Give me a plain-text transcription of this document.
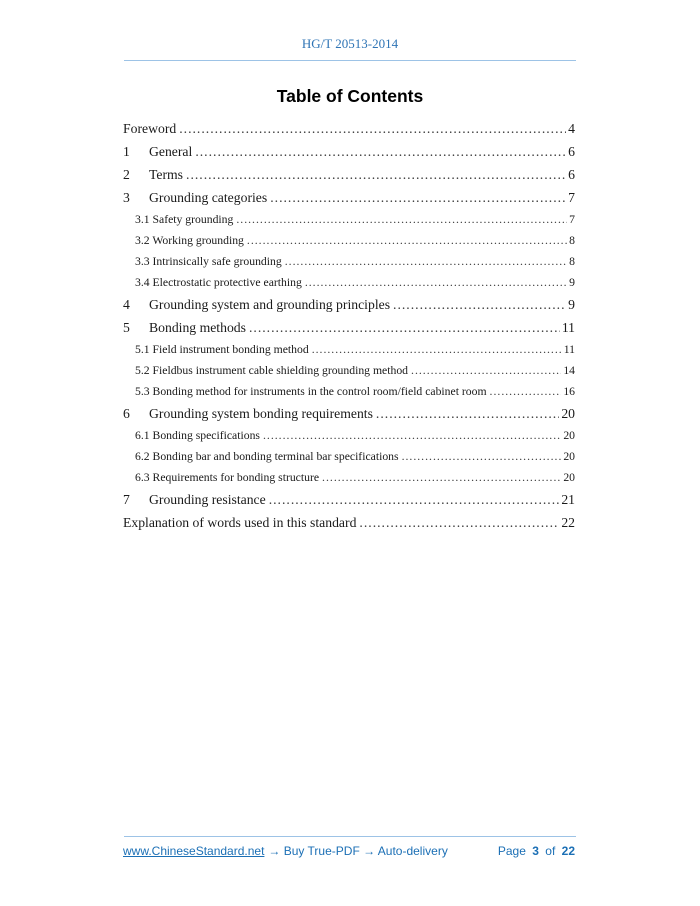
HG/T 20513-2014
Table of Contents
Foreword .....	4
1	General .....	6
2	Terms .....	6
3	Grounding categories .....	7
3.1 Safety grounding .....	7
3.2 Working grounding .....	8
3.3 Intrinsically safe grounding .....	8
3.4 Electrostatic protective earthing .....	9
4	Grounding system and grounding principles .....	9
5	Bonding methods .....	11
5.1 Field instrument bonding method .....	11
5.2 Fieldbus instrument cable shielding grounding method .....	14
5.3 Bonding method for instruments in the control room/field cabinet room .....	16
6	Grounding system bonding requirements .....	20
6.1 Bonding specifications .....	20
6.2 Bonding bar and bonding terminal bar specifications .....	20
6.3 Requirements for bonding structure .....	20
7	Grounding resistance .....	21
Explanation of words used in this standard .....	22
www.ChineseStandard.net → Buy True-PDF → Auto-delivery	Page 3 of 22
